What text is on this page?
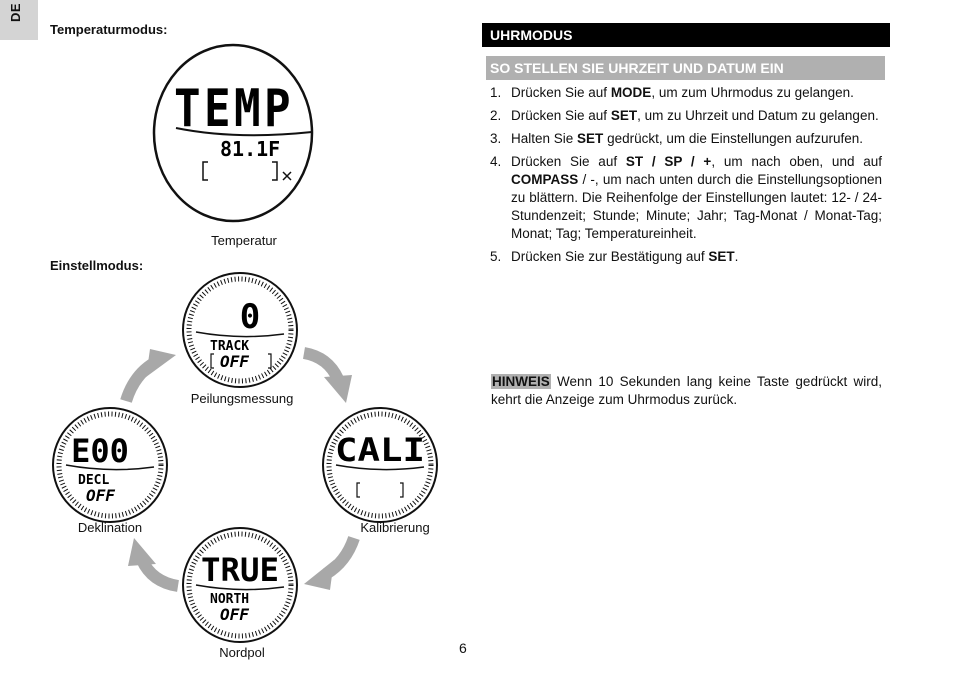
DE
Temperaturmodus:
TEMP
81.1F
Temperatur
Einstellmodus:
0
TRACK
OFF
Peilungsmessung
E00
DECL
OFF
Deklination
CALI
Kalibrierung
TRUE
NORTH
OFF
Nordpol
UHRMODUS
SO STELLEN SIE UHRZEIT UND DATUM EIN
1. Drücken Sie auf MODE, um zum Uhrmodus zu gelangen.
2. Drücken Sie auf SET, um zu Uhrzeit und Datum zu gelangen.
3. Halten Sie SET gedrückt, um die Einstellungen aufzurufen.
4. Drücken Sie auf ST / SP / +, um nach oben, und auf COMPASS / -, um nach unten durch die Einstellungsoptionen zu blättern. Die Reihenfolge der Einstellungen lautet: 12- / 24-Stundenzeit; Stunde; Minute; Jahr; Tag-Monat / Monat-Tag; Monat; Tag; Temperatureinheit.
5. Drücken Sie zur Bestätigung auf SET.
HINWEIS Wenn 10 Sekunden lang keine Taste gedrückt wird, kehrt die Anzeige zum Uhrmodus zurück.
6
